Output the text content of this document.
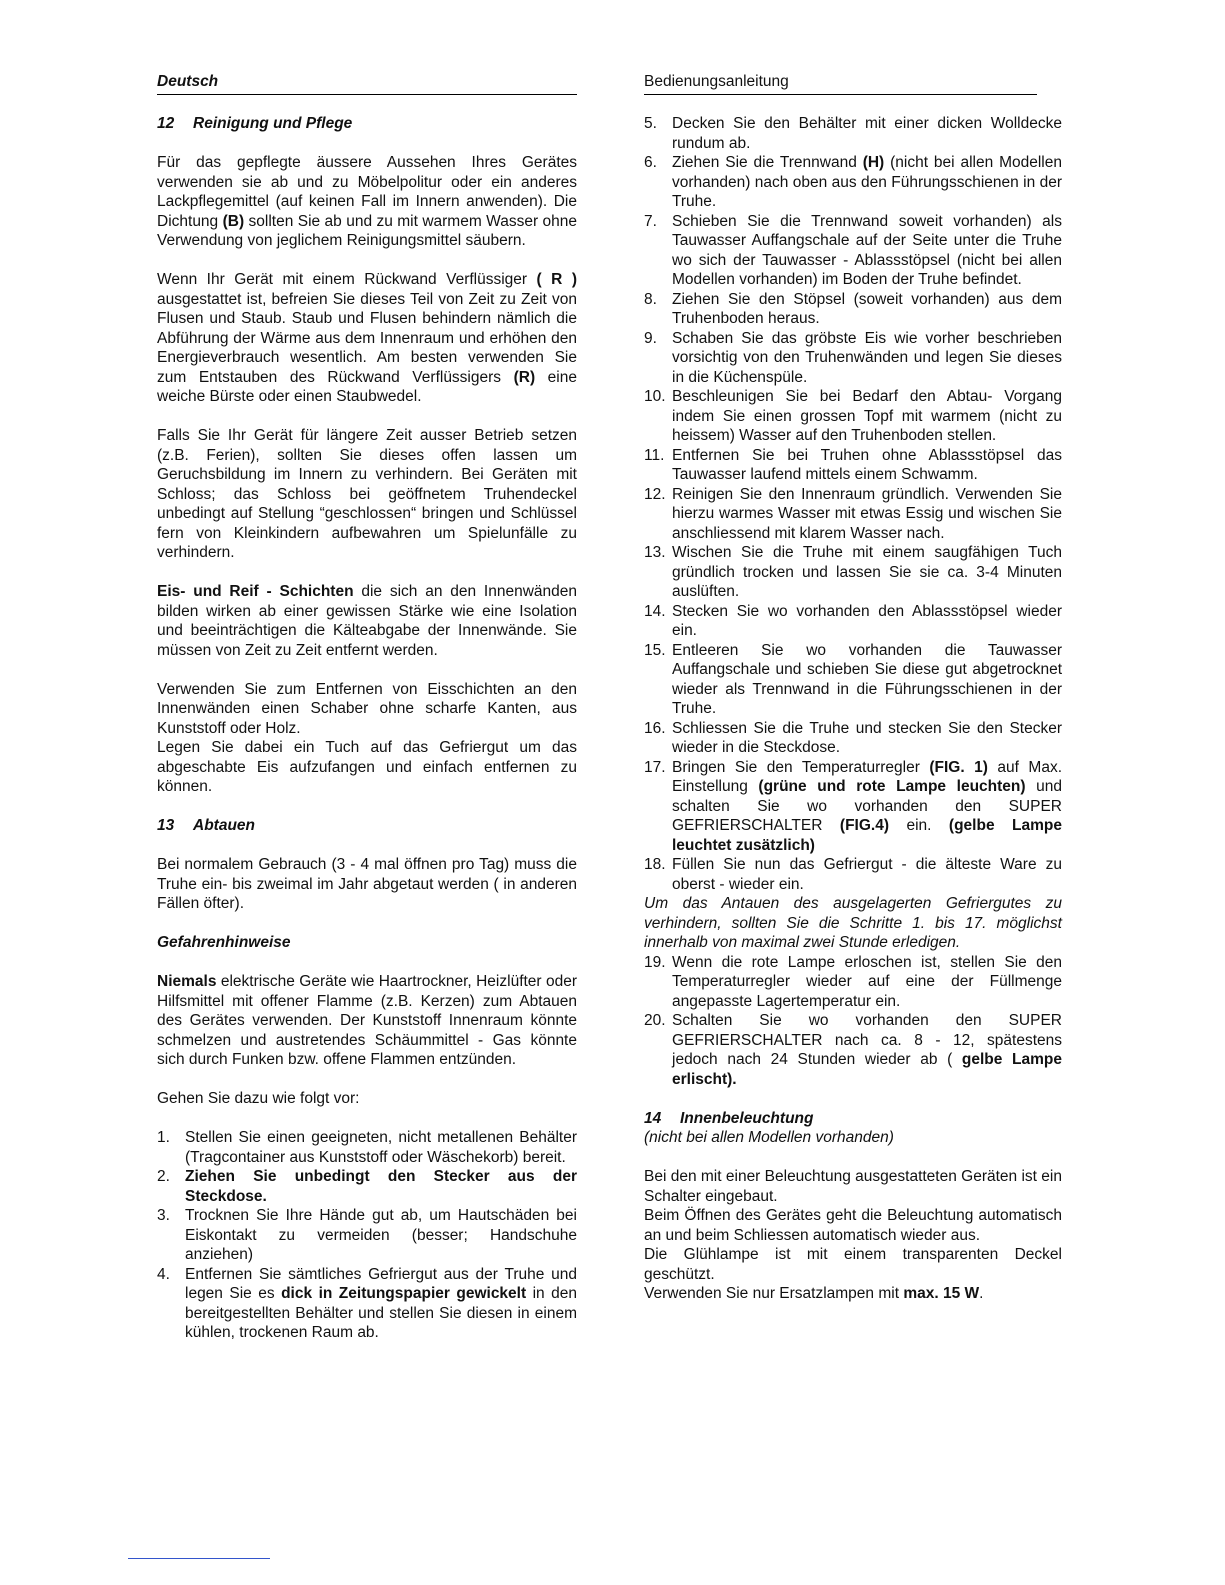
Deutsch	Bedienungsanleitung
12 Reinigung und Pflege

Für das gepflegte äussere Aussehen Ihres Gerätes verwenden sie ab und zu Möbelpolitur oder ein anderes Lackpflegemittel (auf keinen Fall im Innern anwenden). Die Dichtung (B) sollten Sie ab und zu mit warmem Wasser ohne Verwendung von jeglichem Reinigungsmittel säubern.

Wenn Ihr Gerät mit einem Rückwand Verflüssiger ( R ) ausgestattet ist, befreien Sie dieses Teil von Zeit zu Zeit von Flusen und Staub. Staub und Flusen behindern nämlich die Abführung der Wärme aus dem Innenraum und erhöhen den Energieverbrauch wesentlich. Am besten verwenden Sie zum Entstauben des Rückwand Verflüssigers (R) eine weiche Bürste oder einen Staubwedel.

Falls Sie Ihr Gerät für längere Zeit ausser Betrieb setzen (z.B. Ferien), sollten Sie dieses offen lassen um Geruchsbildung im Innern zu verhindern. Bei Geräten mit Schloss; das Schloss bei geöffnetem Truhendeckel unbedingt auf Stellung “geschlossen“ bringen und Schlüssel fern von Kleinkindern aufbewahren um Spielunfälle zu verhindern.

Eis- und Reif - Schichten die sich an den Innenwänden bilden wirken ab einer gewissen Stärke wie eine Isolation und beeinträchtigen die Kälteabgabe der Innenwände. Sie müssen von Zeit zu Zeit entfernt werden.

Verwenden Sie zum Entfernen von Eisschichten an den Innenwänden einen Schaber ohne scharfe Kanten, aus Kunststoff oder Holz.

Legen Sie dabei ein Tuch auf das Gefriergut um das abgeschabte Eis aufzufangen und einfach entfernen zu können.

13 Abtauen

Bei normalem Gebrauch (3 - 4 mal öffnen pro Tag) muss die Truhe ein- bis zweimal im Jahr abgetaut werden ( in anderen Fällen öfter).

Gefahrenhinweise

Niemals elektrische Geräte wie Haartrockner, Heizlüfter oder Hilfsmittel mit offener Flamme (z.B. Kerzen) zum Abtauen des Gerätes verwenden. Der Kunststoff Innenraum könnte schmelzen und austretendes Schäummittel - Gas könnte sich durch Funken bzw. offene Flammen entzünden.

Gehen Sie dazu wie folgt vor:

1. Stellen Sie einen geeigneten, nicht metallenen Behälter (Tragcontainer aus Kunststoff oder Wäschekorb) bereit.
2. Ziehen Sie unbedingt den Stecker aus der Steckdose.
3. Trocknen Sie Ihre Hände gut ab, um Hautschäden bei Eiskontakt zu vermeiden (besser; Handschuhe anziehen)
4. Entfernen Sie sämtliches Gefriergut aus der Truhe und legen Sie es dick in Zeitungspapier gewickelt in den bereitgestellten Behälter und stellen Sie diesen in einem kühlen, trockenen Raum ab.
5. Decken Sie den Behälter mit einer dicken Wolldecke rundum ab.
6. Ziehen Sie die Trennwand (H) (nicht bei allen Modellen vorhanden) nach oben aus den Führungsschienen in der Truhe.
7. Schieben Sie die Trennwand soweit vorhanden) als Tauwasser Auffangschale auf der Seite unter die Truhe wo sich der Tauwasser - Ablassstöpsel (nicht bei allen Modellen vorhanden) im Boden der Truhe befindet.
8. Ziehen Sie den Stöpsel (soweit vorhanden) aus dem Truhenboden heraus.
9. Schaben Sie das gröbste Eis wie vorher beschrieben vorsichtig von den Truhenwänden und legen Sie dieses in die Küchenspüle.
10. Beschleunigen Sie bei Bedarf den Abtau- Vorgang indem Sie einen grossen Topf mit warmem (nicht zu heissem) Wasser auf den Truhenboden stellen.
11. Entfernen Sie bei Truhen ohne Ablassstöpsel das Tauwasser laufend mittels einem Schwamm.
12. Reinigen Sie den Innenraum gründlich. Verwenden Sie hierzu warmes Wasser mit etwas Essig und wischen Sie anschliessend mit klarem Wasser nach.
13. Wischen Sie die Truhe mit einem saugfähigen Tuch gründlich trocken und lassen Sie sie ca. 3-4 Minuten auslüften.
14. Stecken Sie wo vorhanden den Ablassstöpsel wieder ein.
15. Entleeren Sie wo vorhanden die Tauwasser Auffangschale und schieben Sie diese gut abgetrocknet wieder als Trennwand in die Führungsschienen in der Truhe.
16. Schliessen Sie die Truhe und stecken Sie den Stecker wieder in die Steckdose.
17. Bringen Sie den Temperaturregler (FIG. 1) auf Max. Einstellung (grüne und rote Lampe leuchten) und schalten Sie wo vorhanden den SUPER GEFRIERSCHALTER (FIG.4) ein. (gelbe Lampe leuchtet zusätzlich)
18. Füllen Sie nun das Gefriergut - die älteste Ware zu oberst - wieder ein.

Um das Antauen des ausgelagerten Gefriergutes zu verhindern, sollten Sie die Schritte 1. bis 17. möglichst innerhalb von maximal zwei Stunde erledigen.

19. Wenn die rote Lampe erloschen ist, stellen Sie den Temperaturregler wieder auf eine der Füllmenge angepasste Lagertemperatur ein.
20. Schalten Sie wo vorhanden den SUPER GEFRIERSCHALTER nach ca. 8 - 12, spätestens jedoch nach 24 Stunden wieder ab ( gelbe Lampe erlischt).
14 Innenbeleuchtung

(nicht bei allen Modellen vorhanden)

Bei den mit einer Beleuchtung ausgestatteten Geräten ist ein Schalter eingebaut.

Beim Öffnen des Gerätes geht die Beleuchtung automatisch an und beim Schliessen automatisch wieder aus.

Die Glühlampe ist mit einem transparenten Deckel geschützt.

Verwenden Sie nur Ersatzlampen mit max. 15 W.
